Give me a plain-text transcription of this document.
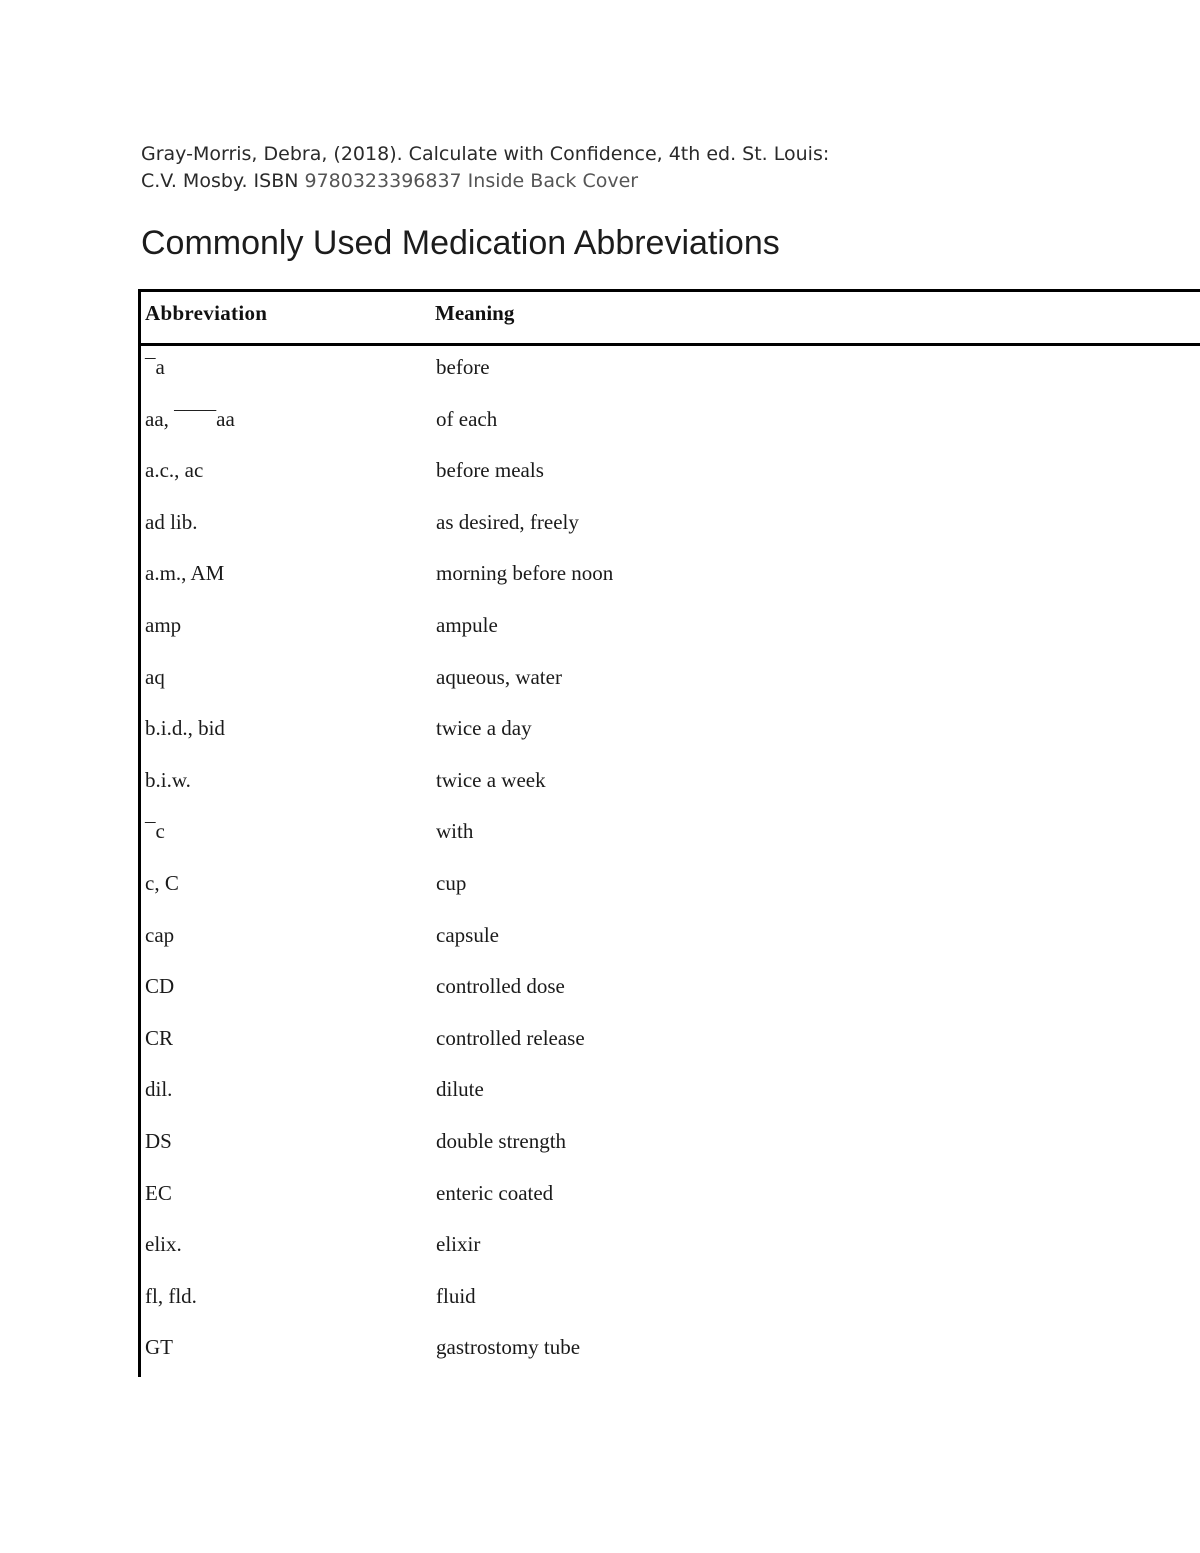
Gray-Morris, Debra, (2018). Calculate with Confidence, 4th ed. St. Louis:
C.V. Mosby. ISBN 9780323396837 Inside Back Cover
Commonly Used Medication Abbreviations
Abbreviation	Meaning
¯a	before
aa, ¯¯¯¯aa	of each
a.c., ac	before meals
ad lib.	as desired, freely
a.m., AM	morning before noon
amp	ampule
aq	aqueous, water
b.i.d., bid	twice a day
b.i.w.	twice a week
¯c	with
c, C	cup
cap	capsule
CD	controlled dose
CR	controlled release
dil.	dilute
DS	double strength
EC	enteric coated
elix.	elixir
fl, fld.	fluid
GT	gastrostomy tube
